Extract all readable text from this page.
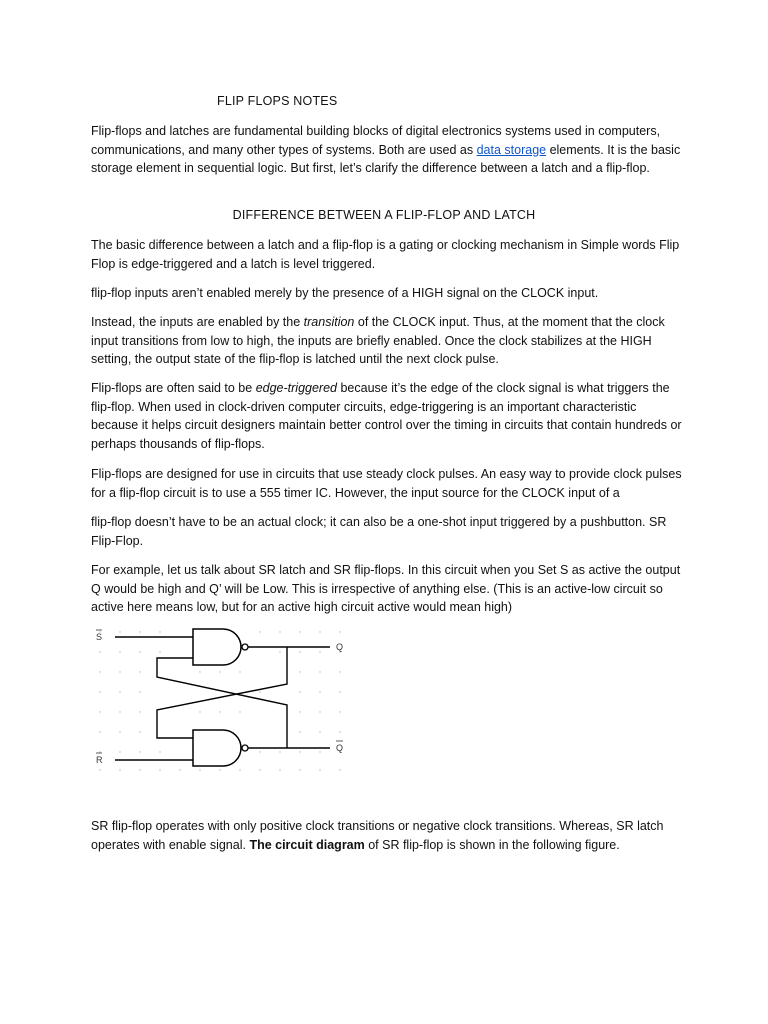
FLIP FLOPS NOTES

Flip-flops and latches are fundamental building blocks of digital electronics systems used in computers, communications, and many other types of systems. Both are used as data storage elements. It is the basic storage element in sequential logic. But first, let’s clarify the difference between a latch and a flip-flop.

DIFFERENCE BETWEEN A FLIP-FLOP AND LATCH

The basic difference between a latch and a flip-flop is a gating or clocking mechanism in Simple words Flip Flop is edge-triggered and a latch is level triggered.

flip-flop inputs aren’t enabled merely by the presence of a HIGH signal on the CLOCK input.

Instead, the inputs are enabled by the transition of the CLOCK input. Thus, at the moment that the clock input transitions from low to high, the inputs are briefly enabled. Once the clock stabilizes at the HIGH setting, the output state of the flip-flop is latched until the next clock pulse.

Flip-flops are often said to be edge-triggered because it’s the edge of the clock signal is what triggers the flip-flop. When used in clock-driven computer circuits, edge-triggering is an important characteristic because it helps circuit designers maintain better control over the timing in circuits that contain hundreds or perhaps thousands of flip-flops.

Flip-flops are designed for use in circuits that use steady clock pulses. An easy way to provide clock pulses for a flip-flop circuit is to use a 555 timer IC. However, the input source for the CLOCK input of a

flip-flop doesn’t have to be an actual clock; it can also be a one-shot input triggered by a pushbutton. SR Flip-Flop.

For example, let us talk about SR latch and SR flip-flops. In this circuit when you Set S as active the output Q would be high and Q’ will be Low. This is irrespective of anything else. (This is an active-low circuit so active here means low, but for an active high circuit active would mean high)

S
R
Q
Q

SR flip-flop operates with only positive clock transitions or negative clock transitions. Whereas, SR latch operates with enable signal. The circuit diagram of SR flip-flop is shown in the following figure.
